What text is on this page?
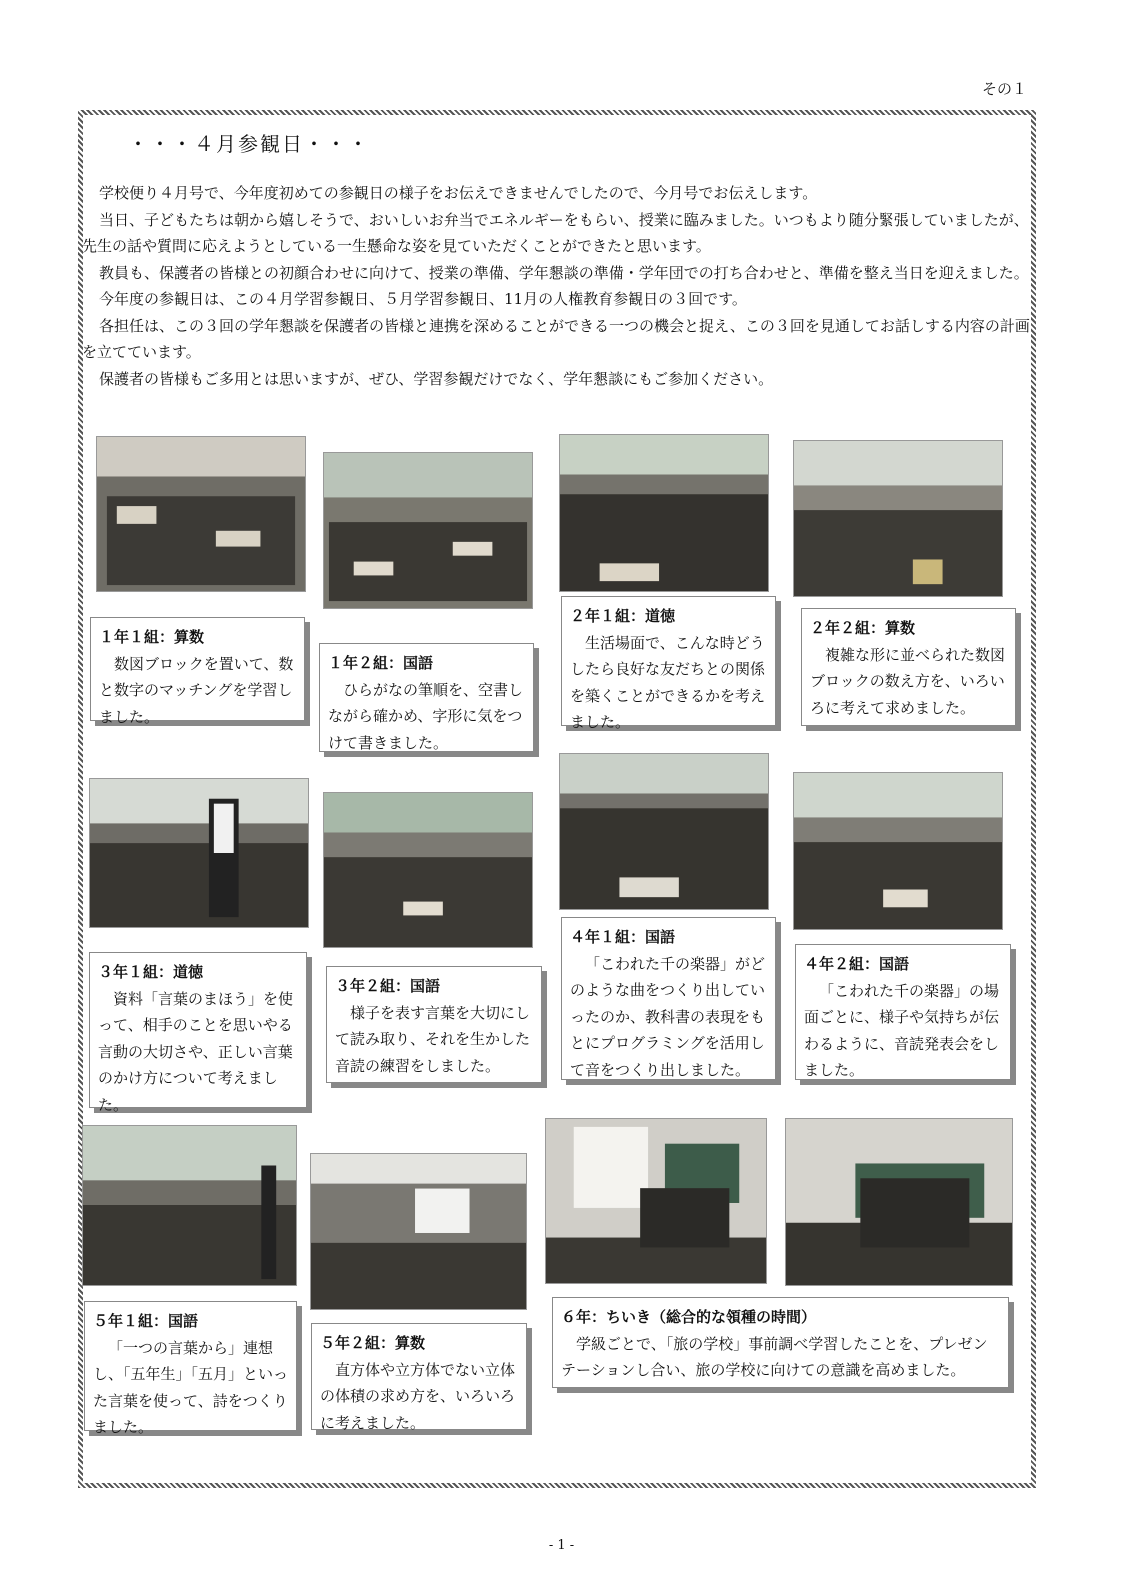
その１
・・・４月参観日・・・

学校便り４月号で、今年度初めての参観日の様子をお伝えできませんでしたので、今月号でお伝えします。

当日、子どもたちは朝から嬉しそうで、おいしいお弁当でエネルギーをもらい、授業に臨みました。いつもより随分緊張していましたが、先生の話や質問に応えようとしている一生懸命な姿を見ていただくことができたと思います。

教員も、保護者の皆様との初顔合わせに向けて、授業の準備、学年懇談の準備・学年団での打ち合わせと、準備を整え当日を迎えました。

今年度の参観日は、この４月学習参観日、５月学習参観日、11月の人権教育参観日の３回です。

各担任は、この３回の学年懇談を保護者の皆様と連携を深めることができる一つの機会と捉え、この３回を見通してお話しする内容の計画を立てています。

保護者の皆様もご多用とは思いますが、ぜひ、学習参観だけでなく、学年懇談にもご参加ください。

１年１組：算数
数図ブロックを置いて、数と数字のマッチングを学習しました。
１年２組：国語
ひらがなの筆順を、空書しながら確かめ、字形に気をつけて書きました。
２年１組：道徳
生活場面で、こんな時どうしたら良好な友だちとの関係を築くことができるかを考えました。
２年２組：算数
複雑な形に並べられた数図ブロックの数え方を、いろいろに考えて求めました。
３年１組：道徳
資料「言葉のまほう」を使って、相手のことを思いやる言動の大切さや、正しい言葉のかけ方について考えました。
３年２組：国語
様子を表す言葉を大切にして読み取り、それを生かした音読の練習をしました。
４年１組：国語
「こわれた千の楽器」がどのような曲をつくり出していったのか、教科書の表現をもとにプログラミングを活用して音をつくり出しました。
４年２組：国語
「こわれた千の楽器」の場面ごとに、様子や気持ちが伝わるように、音読発表会をしました。
５年１組：国語
「一つの言葉から」連想し、「五年生」「五月」といった言葉を使って、詩をつくりました。
５年２組：算数
直方体や立方体でない立体の体積の求め方を、いろいろに考えました。
６年：ちいき（総合的な領種の時間）
学級ごとで、「旅の学校」事前調べ学習したことを、プレゼンテーションし合い、旅の学校に向けての意識を高めました。
- 1 -
